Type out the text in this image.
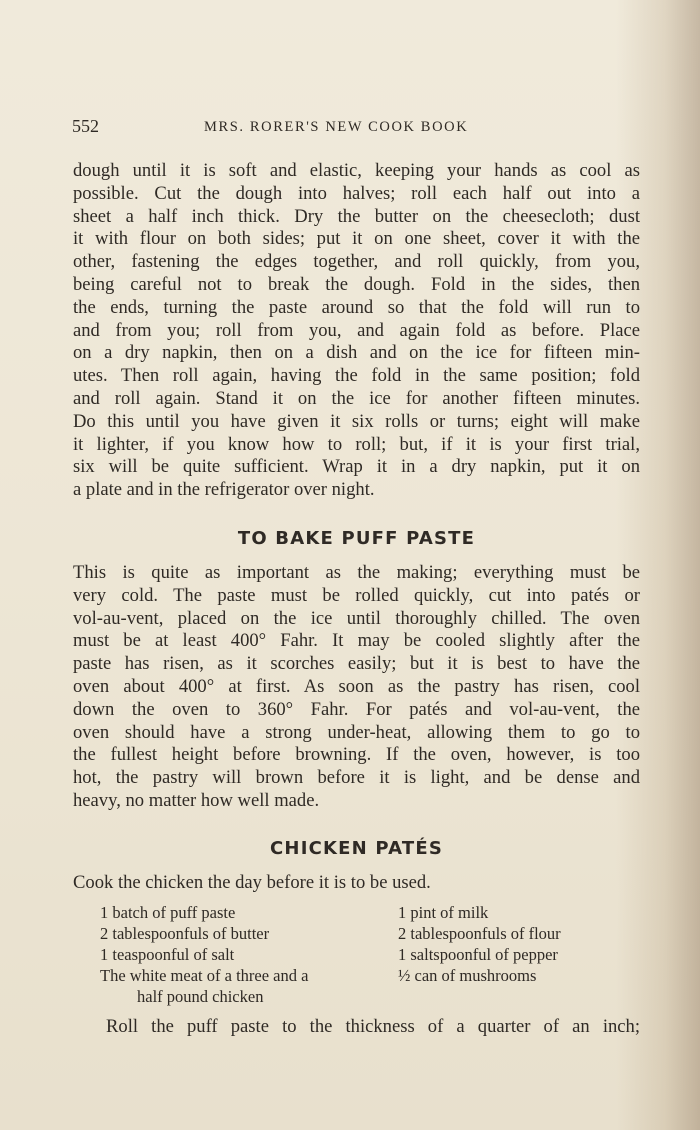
552	MRS. RORER'S NEW COOK BOOK

dough until it is soft and elastic, keeping your hands as cool as
possible. Cut the dough into halves; roll each half out into a
sheet a half inch thick. Dry the butter on the cheesecloth; dust
it with flour on both sides; put it on one sheet, cover it with the
other, fastening the edges together, and roll quickly, from you,
being careful not to break the dough. Fold in the sides, then
the ends, turning the paste around so that the fold will run to
and from you; roll from you, and again fold as before. Place
on a dry napkin, then on a dish and on the ice for fifteen min-
utes. Then roll again, having the fold in the same position; fold
and roll again. Stand it on the ice for another fifteen minutes.
Do this until you have given it six rolls or turns; eight will make
it lighter, if you know how to roll; but, if it is your first trial,
six will be quite sufficient. Wrap it in a dry napkin, put it on
a plate and in the refrigerator over night.

TO BAKE PUFF PASTE

This is quite as important as the making; everything must be
very cold. The paste must be rolled quickly, cut into patés or
vol-au-vent, placed on the ice until thoroughly chilled. The oven
must be at least 400° Fahr. It may be cooled slightly after the
paste has risen, as it scorches easily; but it is best to have the
oven about 400° at first. As soon as the pastry has risen, cool
down the oven to 360° Fahr. For patés and vol-au-vent, the
oven should have a strong under-heat, allowing them to go to
the fullest height before browning. If the oven, however, is too
hot, the pastry will brown before it is light, and be dense and
heavy, no matter how well made.

CHICKEN PATÉS

Cook the chicken the day before it is to be used.

1 batch of puff paste
2 tablespoonfuls of butter
1 teaspoonful of salt
The white meat of a three and a
half pound chicken
1 pint of milk
2 tablespoonfuls of flour
1 saltspoonful of pepper
½ can of mushrooms
Roll the puff paste to the thickness of a quarter of an inch;
